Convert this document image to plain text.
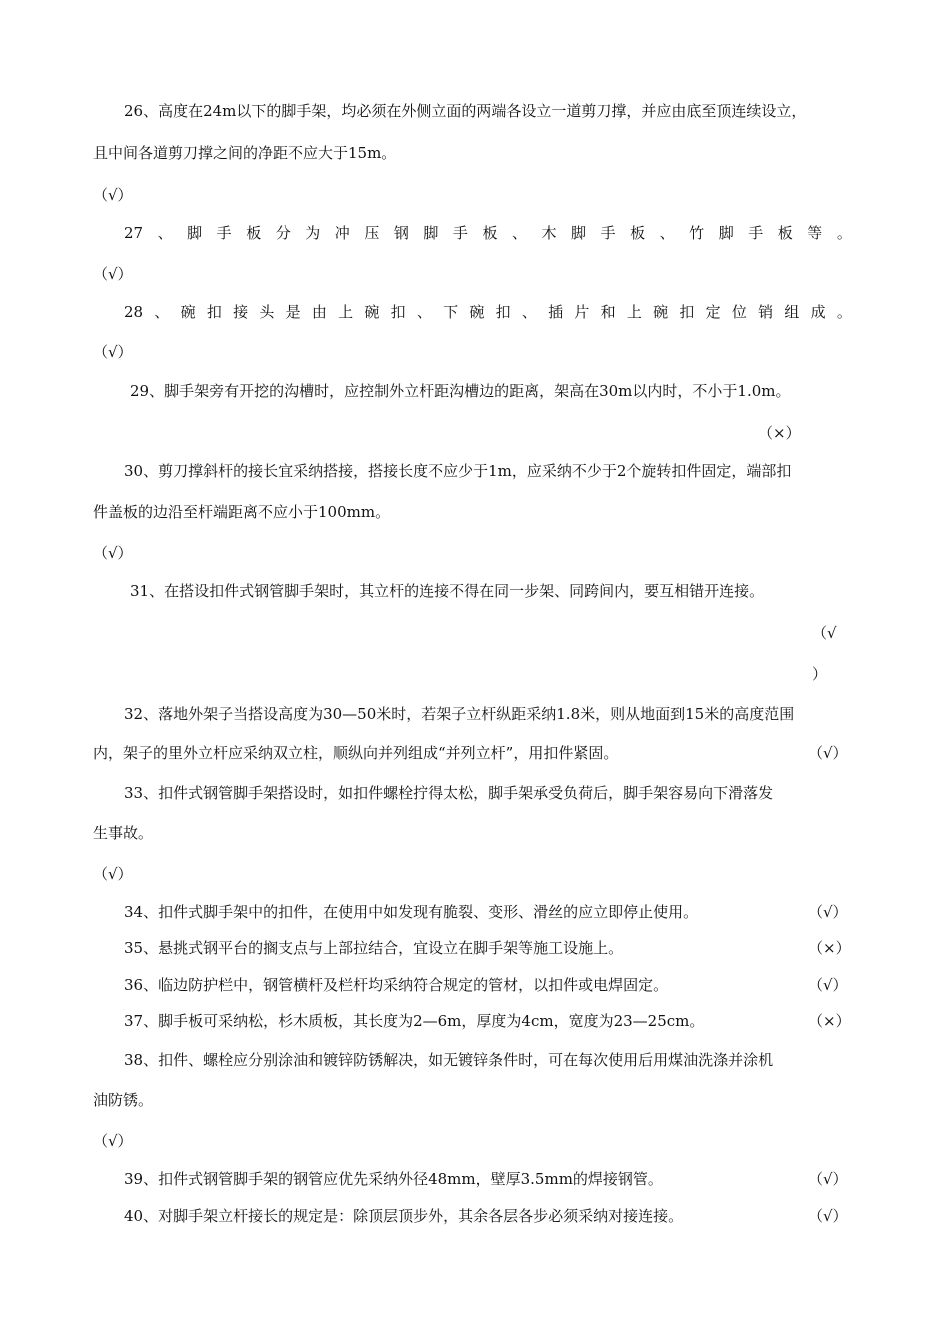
26、高度在24m以下的脚手架，均必须在外侧立面的两端各设立一道剪刀撑，并应由底至顶连续设立，

且中间各道剪刀撑之间的净距不应大于15m。

（√）
27 、 脚 手 板 分 为 冲 压 钢 脚 手 板 、 木 脚 手 板 、 竹 脚 手 板 等 。
（√）
28 、 碗 扣 接 头 是 由 上 碗 扣 、 下 碗 扣 、 插 片 和 上 碗 扣 定 位 销 组 成 。
（√）

29、脚手架旁有开挖的沟槽时，应控制外立杆距沟槽边的距离，架高在30m以内时，不小于1.0m。

（×）

30、剪刀撑斜杆的接长宜采纳搭接，搭接长度不应少于1m，应采纳不少于2个旋转扣件固定，端部扣

件盖板的边沿至杆端距离不应小于100mm。

（√）

31、在搭设扣件式钢管脚手架时，其立杆的连接不得在同一步架、同跨间内，要互相错开连接。

（√
）

32、落地外架子当搭设高度为30—50米时，若架子立杆纵距采纳1.8米，则从地面到15米的高度范围

内，架子的里外立杆应采纳双立柱，顺纵向并列组成“并列立杆”，用扣件紧固。	（√）

33、扣件式钢管脚手架搭设时，如扣件螺栓拧得太松，脚手架承受负荷后，脚手架容易向下滑落发

生事故。

（√）

34、扣件式脚手架中的扣件，在使用中如发现有脆裂、变形、滑丝的应立即停止使用。	（√）

35、悬挑式钢平台的搁支点与上部拉结合，宜设立在脚手架等施工设施上。	（×）

36、临边防护栏中，钢管横杆及栏杆均采纳符合规定的管材，以扣件或电焊固定。	（√）

37、脚手板可采纳松，杉木质板，其长度为2—6m，厚度为4cm，宽度为23—25cm。	（×）

38、扣件、螺栓应分别涂油和镀锌防锈解决，如无镀锌条件时，可在每次使用后用煤油洗涤并涂机

油防锈。

（√）

39、扣件式钢管脚手架的钢管应优先采纳外径48mm，壁厚3.5mm的焊接钢管。	（√）

40、对脚手架立杆接长的规定是：除顶层顶步外，其余各层各步必须采纳对接连接。	（√）
